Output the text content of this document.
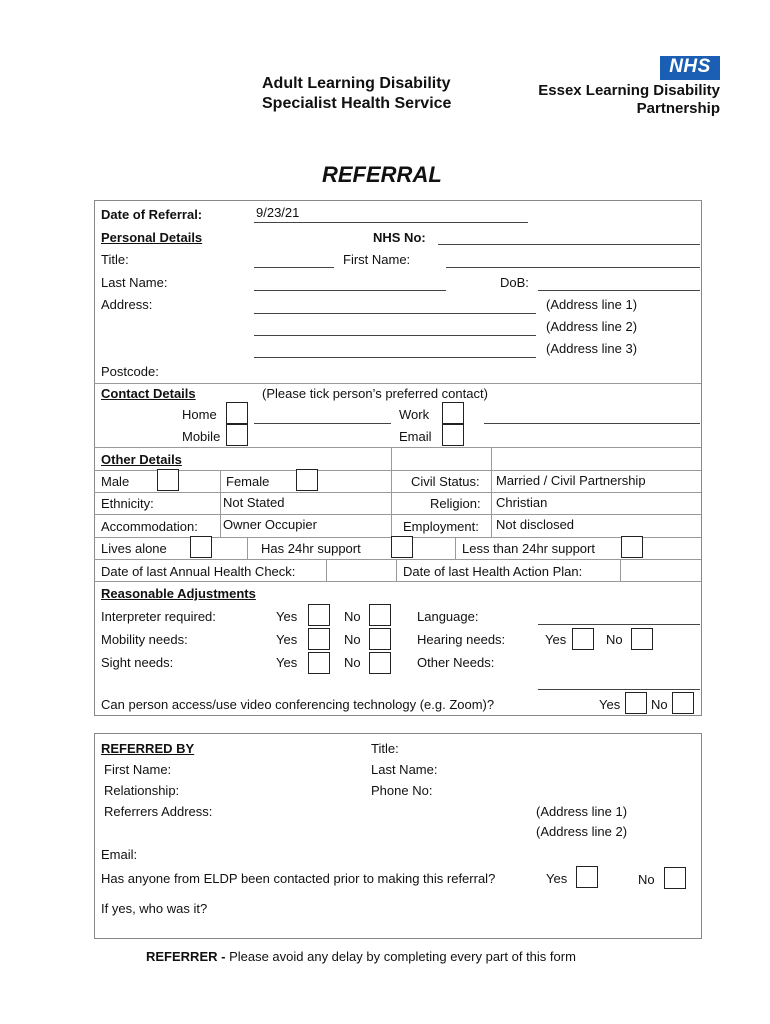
Adult Learning Disability
Specialist Health Service
NHS
Essex Learning Disability
Partnership
REFERRAL
Date of Referral:	9/23/21
Personal Details	NHS No:
Title:	First Name:
Last Name:	DoB:
Address:	(Address line 1)
(Address line 2)
(Address line 3)
Postcode:
Contact Details	(Please tick person’s preferred contact)
Home	Work
Mobile	Email
Other Details
Male	Female	Civil Status: Married / Civil Partnership
Ethnicity:	Not Stated	Religion: Christian
Accommodation: Owner Occupier	Employment: Not disclosed
Lives alone	Has 24hr support	Less than 24hr support
Date of last Annual Health Check:	Date of last Health Action Plan:
Reasonable Adjustments
Interpreter required:	Yes	No	Language:
Mobility needs:	Yes	No	Hearing needs:	Yes	No
Sight needs:	Yes	No	Other Needs:
Can person access/use video conferencing technology (e.g. Zoom)?	Yes No
REFERRED BY	Title:
First Name:	Last Name:
Relationship:	Phone No:
Referrers Address:	(Address line 1)
(Address line 2)
Email:
Has anyone from ELDP been contacted prior to making this referral?	Yes	No
If yes, who was it?
REFERRER - Please avoid any delay by completing every part of this form
